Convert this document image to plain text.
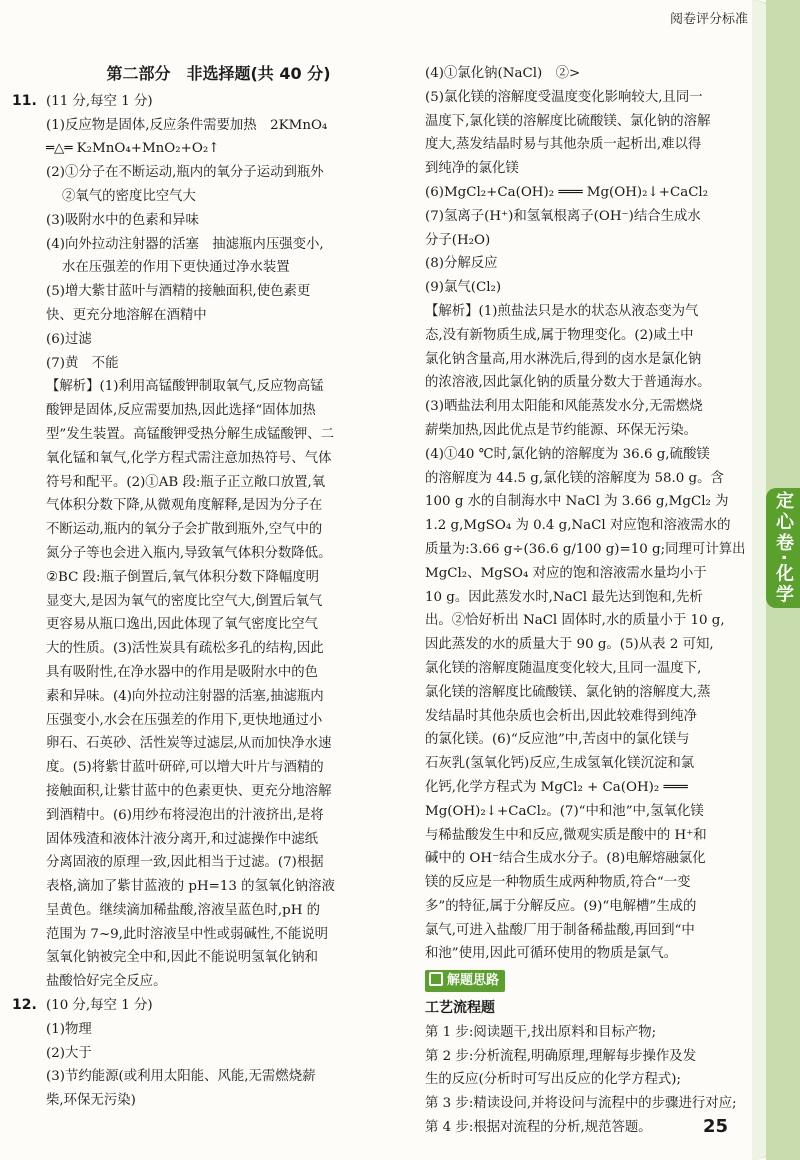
定心卷·化学
阅卷评分标准
第二部分　非选择题(共 40 分)
11. (11 分,每空 1 分)
(1)反应物是固体,反应条件需要加热　2KMnO₄
═△═ K₂MnO₄+MnO₂+O₂↑
(2)①分子在不断运动,瓶内的氧分子运动到瓶外
②氧气的密度比空气大
(3)吸附水中的色素和异味
(4)向外拉动注射器的活塞　抽滤瓶内压强变小,
水在压强差的作用下更快通过净水装置
(5)增大紫甘蓝叶与酒精的接触面积,使色素更
快、更充分地溶解在酒精中
(6)过滤
(7)黄　不能
【解析】(1)利用高锰酸钾制取氧气,反应物高锰
酸钾是固体,反应需要加热,因此选择“固体加热
型”发生装置。高锰酸钾受热分解生成锰酸钾、二
氧化锰和氧气,化学方程式需注意加热符号、气体
符号和配平。(2)①AB 段:瓶子正立敞口放置,氧
气体积分数下降,从微观角度解释,是因为分子在
不断运动,瓶内的氧分子会扩散到瓶外,空气中的
氮分子等也会进入瓶内,导致氧气体积分数降低。
②BC 段:瓶子倒置后,氧气体积分数下降幅度明
显变大,是因为氧气的密度比空气大,倒置后氧气
更容易从瓶口逸出,因此体现了氧气密度比空气
大的性质。(3)活性炭具有疏松多孔的结构,因此
具有吸附性,在净水器中的作用是吸附水中的色
素和异味。(4)向外拉动注射器的活塞,抽滤瓶内
压强变小,水会在压强差的作用下,更快地通过小
卵石、石英砂、活性炭等过滤层,从而加快净水速
度。(5)将紫甘蓝叶研碎,可以增大叶片与酒精的
接触面积,让紫甘蓝中的色素更快、更充分地溶解
到酒精中。(6)用纱布将浸泡出的汁液挤出,是将
固体残渣和液体汁液分离开,和过滤操作中滤纸
分离固液的原理一致,因此相当于过滤。(7)根据
表格,滴加了紫甘蓝液的 pH=13 的氢氧化钠溶液
呈黄色。继续滴加稀盐酸,溶液呈蓝色时,pH 的
范围为 7~9,此时溶液呈中性或弱碱性,不能说明
氢氧化钠被完全中和,因此不能说明氢氧化钠和
盐酸恰好完全反应。
12. (10 分,每空 1 分)
(1)物理
(2)大于
(3)节约能源(或利用太阳能、风能,无需燃烧薪
柴,环保无污染)
(4)①氯化钠(NaCl)　②>
(5)氯化镁的溶解度受温度变化影响较大,且同一
温度下,氯化镁的溶解度比硫酸镁、氯化钠的溶解
度大,蒸发结晶时易与其他杂质一起析出,难以得
到纯净的氯化镁
(6)MgCl₂+Ca(OH)₂ ═══ Mg(OH)₂↓+CaCl₂
(7)氢离子(H⁺)和氢氧根离子(OH⁻)结合生成水
分子(H₂O)
(8)分解反应
(9)氯气(Cl₂)
【解析】(1)煎盐法只是水的状态从液态变为气
态,没有新物质生成,属于物理变化。(2)咸土中
氯化钠含量高,用水淋洗后,得到的卤水是氯化钠
的浓溶液,因此氯化钠的质量分数大于普通海水。
(3)晒盐法利用太阳能和风能蒸发水分,无需燃烧
薪柴加热,因此优点是节约能源、环保无污染。
(4)①40 ℃时,氯化钠的溶解度为 36.6 g,硫酸镁
的溶解度为 44.5 g,氯化镁的溶解度为 58.0 g。含
100 g 水的自制海水中 NaCl 为 3.66 g,MgCl₂ 为
1.2 g,MgSO₄ 为 0.4 g,NaCl 对应饱和溶液需水的
质量为:3.66 g÷(36.6 g/100 g)=10 g;同理可计算出
MgCl₂、MgSO₄ 对应的饱和溶液需水量均小于
10 g。因此蒸发水时,NaCl 最先达到饱和,先析
出。②恰好析出 NaCl 固体时,水的质量小于 10 g,
因此蒸发的水的质量大于 90 g。(5)从表 2 可知,
氯化镁的溶解度随温度变化较大,且同一温度下,
氯化镁的溶解度比硫酸镁、氯化钠的溶解度大,蒸
发结晶时其他杂质也会析出,因此较难得到纯净
的氯化镁。(6)“反应池”中,苦卤中的氯化镁与
石灰乳(氢氧化钙)反应,生成氢氧化镁沉淀和氯
化钙,化学方程式为 MgCl₂ + Ca(OH)₂ ═══
Mg(OH)₂↓+CaCl₂。(7)“中和池”中,氢氧化镁
与稀盐酸发生中和反应,微观实质是酸中的 H⁺和
碱中的 OH⁻结合生成水分子。(8)电解熔融氯化
镁的反应是一种物质生成两种物质,符合“一变
多”的特征,属于分解反应。(9)“电解槽”生成的
氯气,可进入盐酸厂用于制备稀盐酸,再回到“中
和池”使用,因此可循环使用的物质是氯气。
解题思路
工艺流程题
第 1 步:阅读题干,找出原料和目标产物;
第 2 步:分析流程,明确原理,理解每步操作及发
生的反应(分析时可写出反应的化学方程式);
第 3 步:精读设问,并将设问与流程中的步骤进行对应;
第 4 步:根据对流程的分析,规范答题。	25
